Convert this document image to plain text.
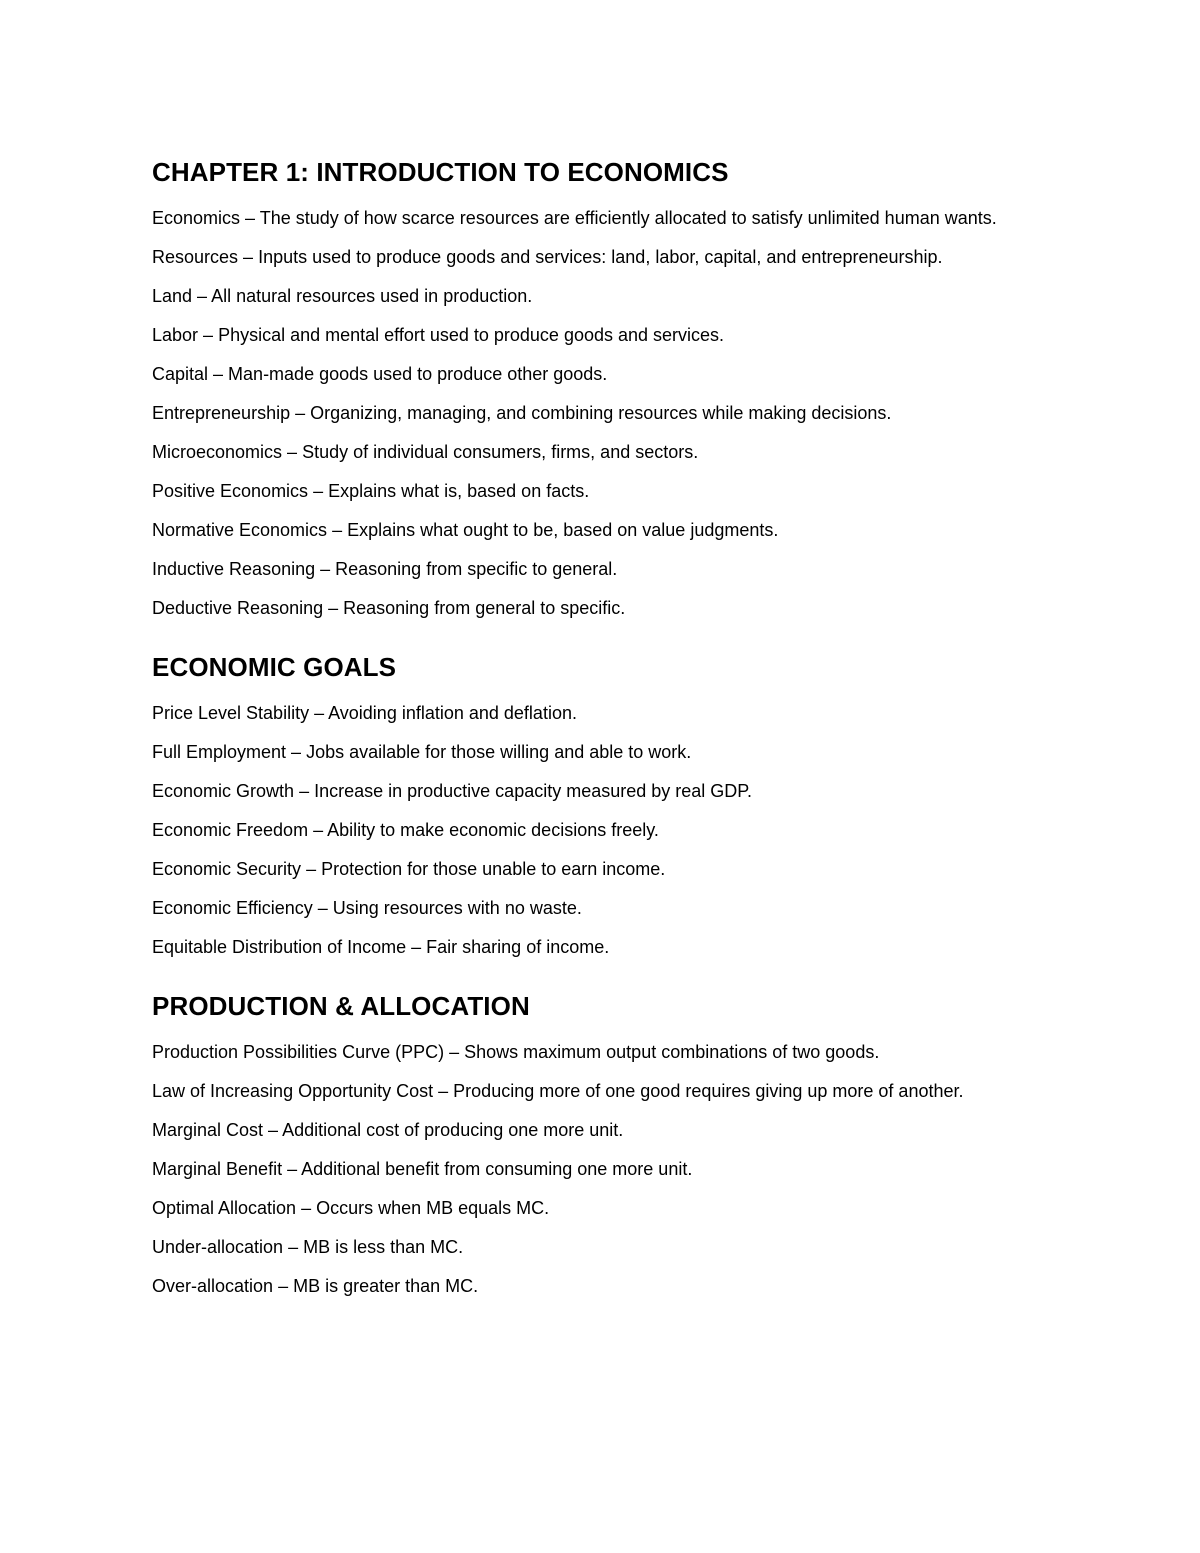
CHAPTER 1: INTRODUCTION TO ECONOMICS
Economics – The study of how scarce resources are efficiently allocated to satisfy unlimited human wants.
Resources – Inputs used to produce goods and services: land, labor, capital, and entrepreneurship.
Land – All natural resources used in production.
Labor – Physical and mental effort used to produce goods and services.
Capital – Man-made goods used to produce other goods.
Entrepreneurship – Organizing, managing, and combining resources while making decisions.
Microeconomics – Study of individual consumers, firms, and sectors.
Positive Economics – Explains what is, based on facts.
Normative Economics – Explains what ought to be, based on value judgments.
Inductive Reasoning – Reasoning from specific to general.
Deductive Reasoning – Reasoning from general to specific.
ECONOMIC GOALS
Price Level Stability – Avoiding inflation and deflation.
Full Employment – Jobs available for those willing and able to work.
Economic Growth – Increase in productive capacity measured by real GDP.
Economic Freedom – Ability to make economic decisions freely.
Economic Security – Protection for those unable to earn income.
Economic Efficiency – Using resources with no waste.
Equitable Distribution of Income – Fair sharing of income.
PRODUCTION & ALLOCATION
Production Possibilities Curve (PPC) – Shows maximum output combinations of two goods.
Law of Increasing Opportunity Cost – Producing more of one good requires giving up more of another.
Marginal Cost – Additional cost of producing one more unit.
Marginal Benefit – Additional benefit from consuming one more unit.
Optimal Allocation – Occurs when MB equals MC.
Under-allocation – MB is less than MC.
Over-allocation – MB is greater than MC.
